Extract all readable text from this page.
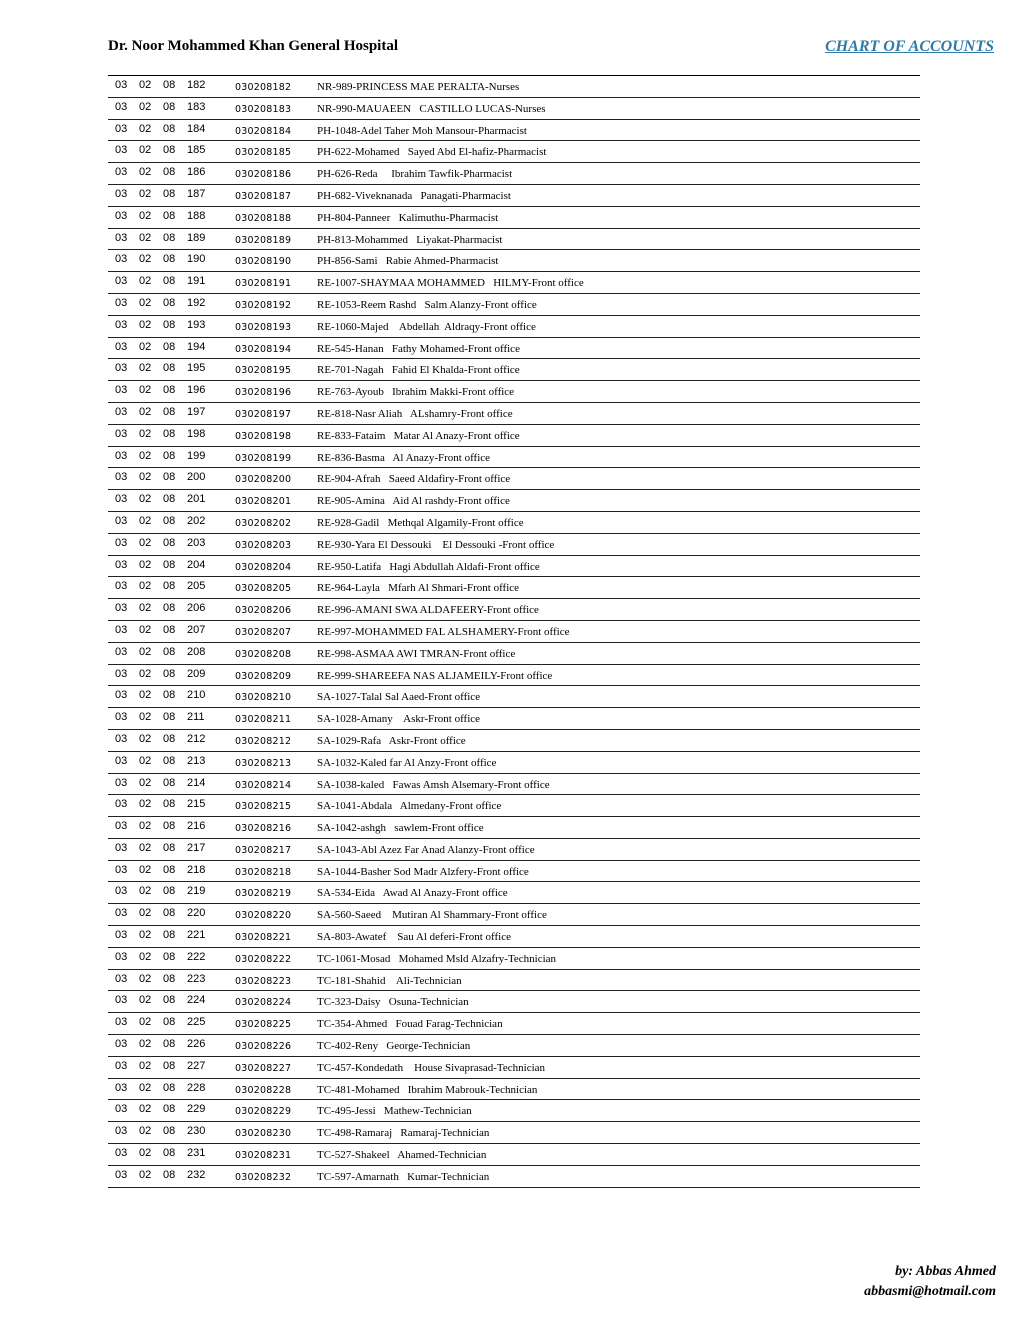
Dr. Noor Mohammed Khan General Hospital	CHART OF ACCOUNTS
03 02 08 182	030208182 NR-989-PRINCESS MAE PERALTA-Nurses
03 02 08 183	030208183 NR-990-MAUAEEN   CASTILLO LUCAS-Nurses
03 02 08 184	030208184 PH-1048-Adel Taher Moh Mansour-Pharmacist
03 02 08 185	030208185 PH-622-Mohamed   Sayed Abd El-hafiz-Pharmacist
03 02 08 186	030208186 PH-626-Reda     Ibrahim Tawfik-Pharmacist
03 02 08 187	030208187 PH-682-Viveknanada   Panagati-Pharmacist
03 02 08 188	030208188 PH-804-Panneer   Kalimuthu-Pharmacist
03 02 08 189	030208189 PH-813-Mohammed   Liyakat-Pharmacist
03 02 08 190	030208190 PH-856-Sami   Rabie Ahmed-Pharmacist
03 02 08 191	030208191 RE-1007-SHAYMAA MOHAMMED   HILMY-Front office
03 02 08 192	030208192 RE-1053-Reem Rashd   Salm Alanzy-Front office
03 02 08 193	030208193 RE-1060-Majed    Abdellah  Aldraqy-Front office
03 02 08 194	030208194 RE-545-Hanan   Fathy Mohamed-Front office
03 02 08 195	030208195 RE-701-Nagah   Fahid El Khalda-Front office
03 02 08 196	030208196 RE-763-Ayoub   Ibrahim Makki-Front office
03 02 08 197	030208197 RE-818-Nasr Aliah   ALshamry-Front office
03 02 08 198	030208198 RE-833-Fataim   Matar Al Anazy-Front office
03 02 08 199	030208199 RE-836-Basma   Al Anazy-Front office
03 02 08 200	030208200 RE-904-Afrah   Saeed Aldafiry-Front office
03 02 08 201	030208201 RE-905-Amina   Aid Al rashdy-Front office
03 02 08 202	030208202 RE-928-Gadil   Methqal Algamily-Front office
03 02 08 203	030208203 RE-930-Yara El Dessouki    El Dessouki -Front office
03 02 08 204	030208204 RE-950-Latifa   Hagi Abdullah Aldafi-Front office
03 02 08 205	030208205 RE-964-Layla   Mfarh Al Shmari-Front office
03 02 08 206	030208206 RE-996-AMANI SWA ALDAFEERY-Front office
03 02 08 207	030208207 RE-997-MOHAMMED FAL ALSHAMERY-Front office
03 02 08 208	030208208 RE-998-ASMAA AWI TMRAN-Front office
03 02 08 209	030208209 RE-999-SHAREEFA NAS ALJAMEILY-Front office
03 02 08 210	030208210 SA-1027-Talal Sal Aaed-Front office
03 02 08 211	030208211 SA-1028-Amany    Askr-Front office
03 02 08 212	030208212 SA-1029-Rafa   Askr-Front office
03 02 08 213	030208213 SA-1032-Kaled far Al Anzy-Front office
03 02 08 214	030208214 SA-1038-kaled   Fawas Amsh Alsemary-Front office
03 02 08 215	030208215 SA-1041-Abdala   Almedany-Front office
03 02 08 216	030208216 SA-1042-ashgh   sawlem-Front office
03 02 08 217	030208217 SA-1043-Abl Azez Far Anad Alanzy-Front office
03 02 08 218	030208218 SA-1044-Basher Sod Madr Alzfery-Front office
03 02 08 219	030208219 SA-534-Eida   Awad Al Anazy-Front office
03 02 08 220	030208220 SA-560-Saeed    Mutiran Al Shammary-Front office
03 02 08 221	030208221 SA-803-Awatef    Sau Al deferi-Front office
03 02 08 222	030208222 TC-1061-Mosad   Mohamed Msld Alzafry-Technician
03 02 08 223	030208223 TC-181-Shahid    Ali-Technician
03 02 08 224	030208224 TC-323-Daisy   Osuna-Technician
03 02 08 225	030208225 TC-354-Ahmed   Fouad Farag-Technician
03 02 08 226	030208226 TC-402-Reny   George-Technician
03 02 08 227	030208227 TC-457-Kondedath    House Sivaprasad-Technician
03 02 08 228	030208228 TC-481-Mohamed   Ibrahim Mabrouk-Technician
03 02 08 229	030208229 TC-495-Jessi   Mathew-Technician
03 02 08 230	030208230 TC-498-Ramaraj   Ramaraj-Technician
03 02 08 231	030208231 TC-527-Shakeel   Ahamed-Technician
03 02 08 232	030208232 TC-597-Amarnath   Kumar-Technician
by: Abbas Ahmed
abbasmi@hotmail.com
